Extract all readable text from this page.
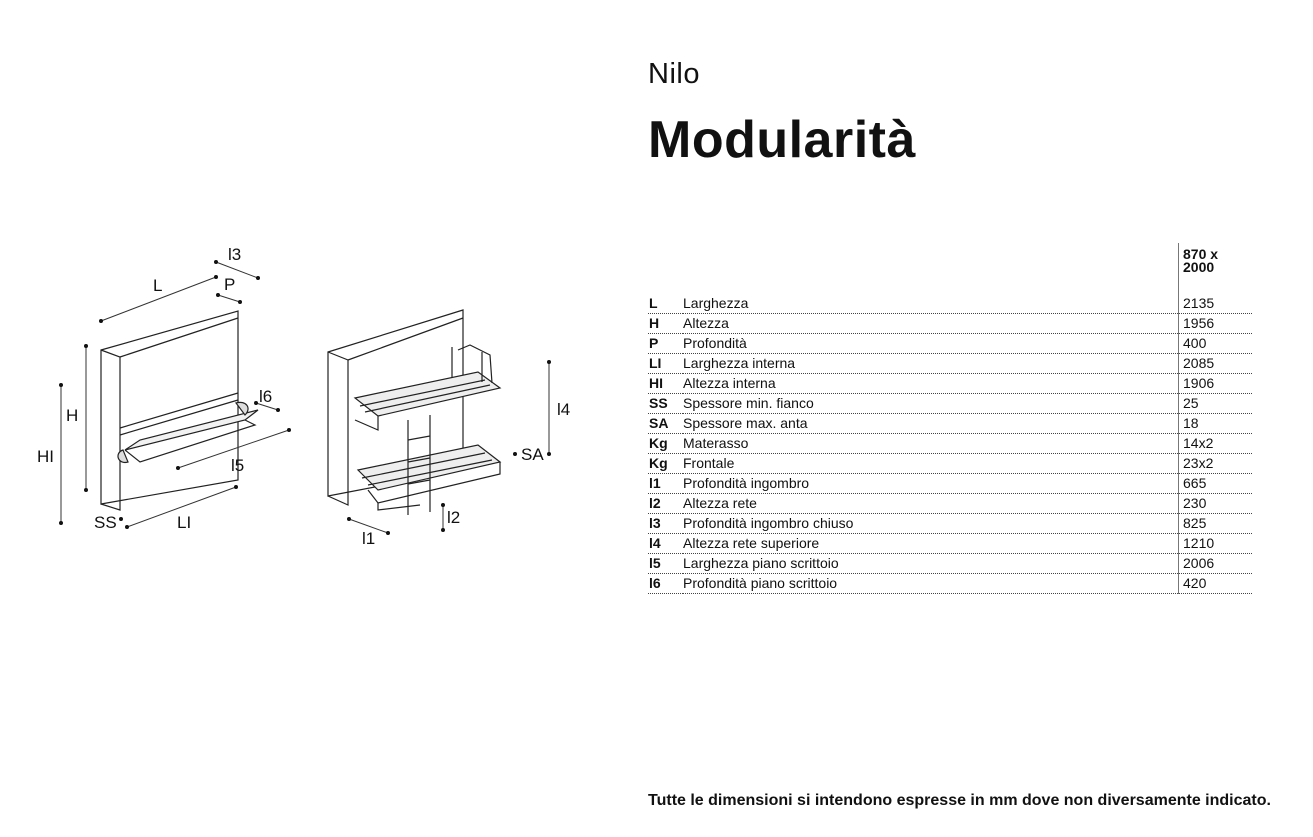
Nilo
Modularità
L	P
l3
H
HI
l6
l5
SS	LI
l4
SA
l1
l2
870 x 2000
L	Larghezza	2135
H	Altezza	1956
P	Profondità	400
LI	Larghezza interna	2085
HI	Altezza interna	1906
SS	Spessore min. fianco	25
SA	Spessore max. anta	18
Kg	Materasso	14x2
Kg	Frontale	23x2
l1	Profondità ingombro	665
l2	Altezza rete	230
l3	Profondità ingombro chiuso	825
l4	Altezza rete superiore	1210
l5	Larghezza piano scrittoio	2006
l6	Profondità piano scrittoio	420
Tutte le dimensioni si intendono espresse in mm dove non diversamente indicato.
